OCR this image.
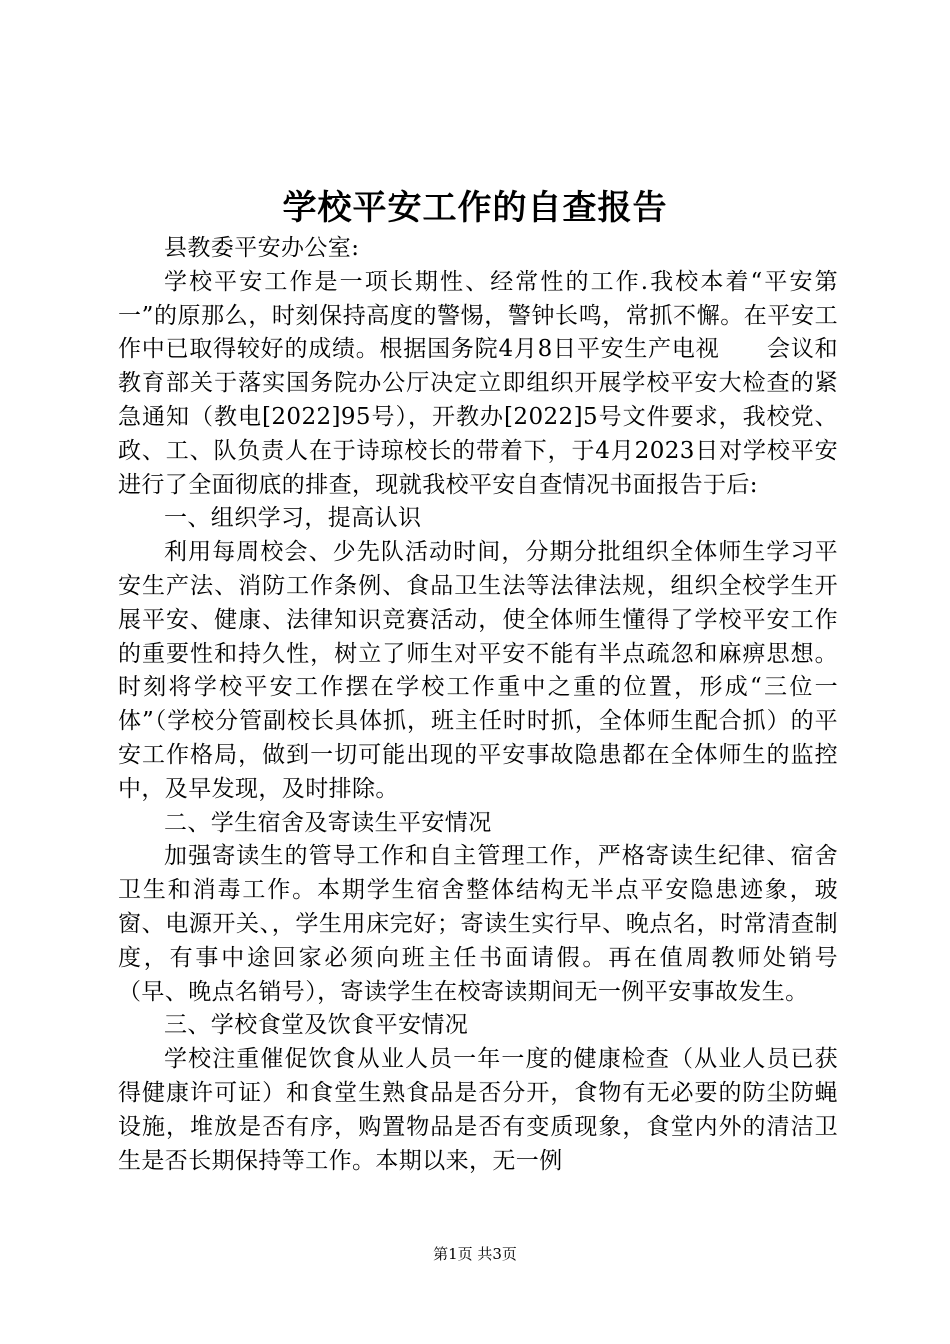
学校平安工作的自查报告

县教委平安办公室:

学校平安工作是一项长期性、经常性的工作.我校本着“平安第一”的原那么，时刻保持高度的警惕，警钟长鸣，常抓不懈。在平安工作中已取得较好的成绩。根据国务院4月8日平安生产电视　　会议和教育部关于落实国务院办公厅决定立即组织开展学校平安大检查的紧急通知（教电[2022]95号），开教办[2022]5号文件要求，我校党、政、工、队负责人在于诗琼校长的带着下，于4月2023日对学校平安进行了全面彻底的排查，现就我校平安自查情况书面报告于后:

一、组织学习，提高认识

利用每周校会、少先队活动时间，分期分批组织全体师生学习平安生产法、消防工作条例、食品卫生法等法律法规，组织全校学生开展平安、健康、法律知识竞赛活动，使全体师生懂得了学校平安工作的重要性和持久性，树立了师生对平安不能有半点疏忽和麻痹思想。时刻将学校平安工作摆在学校工作重中之重的位置，形成“三位一体”（学校分管副校长具体抓，班主任时时抓，全体师生配合抓）的平安工作格局，做到一切可能出现的平安事故隐患都在全体师生的监控中，及早发现，及时排除。

二、学生宿舍及寄读生平安情况

加强寄读生的管导工作和自主管理工作，严格寄读生纪律、宿舍卫生和消毒工作。本期学生宿舍整体结构无半点平安隐患迹象，玻窗、电源开关、，学生用床完好；寄读生实行早、晚点名，时常清查制度，有事中途回家必须向班主任书面请假。再在值周教师处销号（早、晚点名销号），寄读学生在校寄读期间无一例平安事故发生。

三、学校食堂及饮食平安情况

学校注重催促饮食从业人员一年一度的健康检查（从业人员已获得健康许可证）和食堂生熟食品是否分开，食物有无必要的防尘防蝇设施，堆放是否有序，购置物品是否有变质现象，食堂内外的清洁卫生是否长期保持等工作。本期以来，无一例

第1页 共3页
